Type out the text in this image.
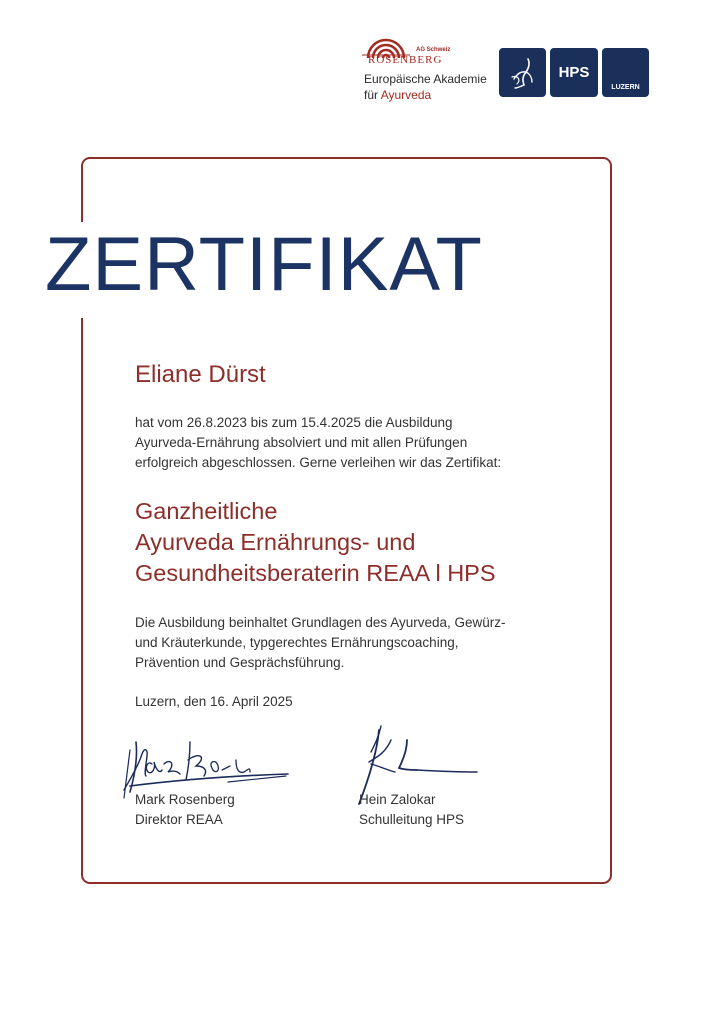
AG Schweiz
ROSENBERG
Europäische Akademie
für Ayurveda
HPS
LUZERN
ZERTIFIKAT
Eliane Dürst
hat vom 26.8.2023 bis zum 15.4.2025 die Ausbildung
Ayurveda-Ernährung absolviert und mit allen Prüfungen
erfolgreich abgeschlossen. Gerne verleihen wir das Zertifikat:
Ganzheitliche
Ayurveda Ernährungs- und
Gesundheitsberaterin REAA l HPS
Die Ausbildung beinhaltet Grundlagen des Ayurveda, Gewürz-
und Kräuterkunde, typgerechtes Ernährungscoaching,
Prävention und Gesprächsführung.
Luzern, den 16. April 2025
Mark Rosenberg
Direktor REAA
Hein Zalokar
Schulleitung HPS
